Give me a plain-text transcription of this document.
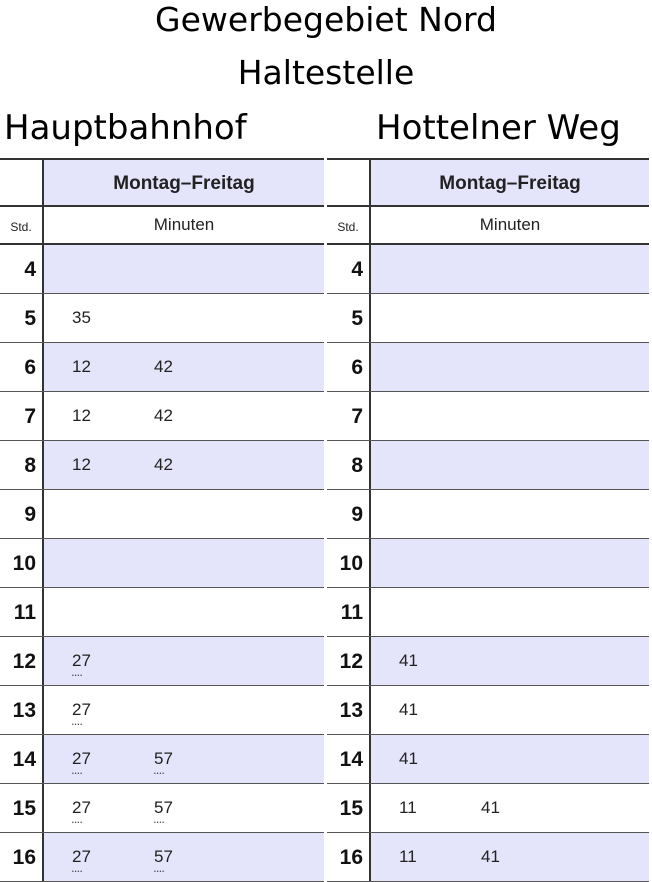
Gewerbegebiet Nord
Haltestelle
Hauptbahnhof	Hottelner Weg
Montag–Freitag
Std.	Minuten
4
5	35
6	12	42
7	12	42
8	12	42
9
10
11
12	27 ••••
13	27 ••••
14	27 ••••	57 ••••
15	27 ••••	57 ••••
16	27 ••••	57 ••••
Montag–Freitag
Std.	Minuten
4
5
6
7
8
9
10
11
12	41
13	41
14	41
15	11	41
16	11	41
